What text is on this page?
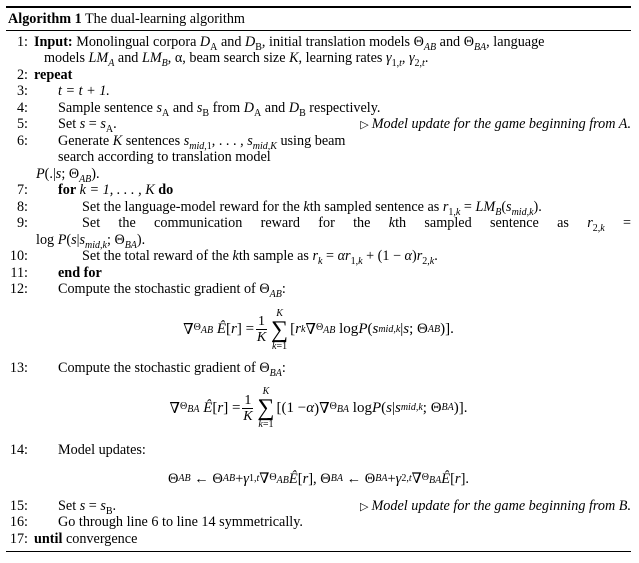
Algorithm 1 The dual-learning algorithm
1: Input: Monolingual corpora $D_A$ and $D_B$, initial translation models $\Theta_{AB}$ and $\Theta_{BA}$, language
models $LM_A$ and $LM_B$, α, beam search size K, learning rates $\gamma_{1,t}$, $\gamma_{2,t}$.
2: repeat
3: t = t + 1.
4: Sample sentence $s_A$ and $s_B$ from $D_A$ and $D_B$ respectively.
5: Set $s = s_A$.	▷ Model update for the game beginning from A.
6: Generate K sentences $s_{mid,1}$, . . . , $s_{mid,K}$ using beam search according to translation model
P(.|s; $\Theta_{AB}$).
7: for k = 1, . . . , K do
8:	Set the language-model reward for the kth sampled sentence as $r_{1,k} = LM_B(s_{mid,k})$.
9:	Set the communication reward for the kth sampled sentence as $r_{2,k}$ =
$\log P(s|s_{mid,k}$; $\Theta_{BA}$).
10:	Set the total reward of the kth sample as $r_k = \alpha r_{1,k} + (1 - \alpha)r_{2,k}$.
11: end for
12: Compute the stochastic gradient of $\Theta_{AB}$:
∇ $\Theta_{AB}$
Ê [ r ] = $\frac{1}{K}$
K
∑
k=1
[ r k ∇ $\Theta_{AB}$ log P ( s mid,k | s ; Θ AB )].
13: Compute the stochastic gradient of $\Theta_{BA}$:
∇ $\Theta_{BA}$
Ê [ r ] = $\frac{1}{K}$
K
∑
k=1
[(1 − α )∇ $\Theta_{BA}$ log P ( s | s mid,k ; Θ BA )].
14: Model updates:
Θ AB ← Θ AB + γ 1,t ∇ $\Theta_{AB}$ Ê [ r ], Θ BA ← Θ BA + γ 2,t ∇ $\Theta_{BA}$ Ê [ r ].
15: Set $s = s_B$.	▷ Model update for the game beginning from B.
16: Go through line 6 to line 14 symmetrically.
17: until convergence
